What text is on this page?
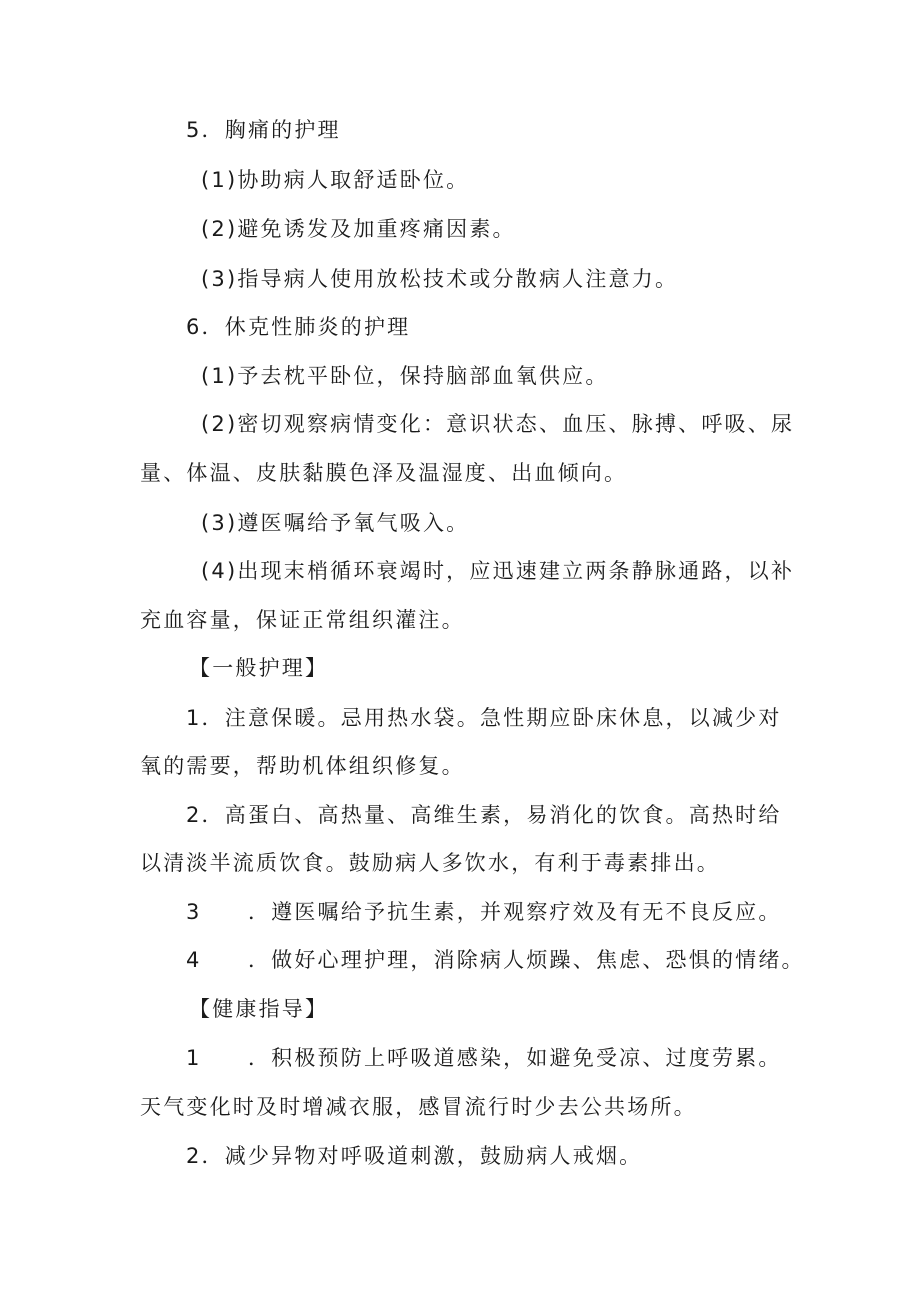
5．胸痛的护理
(1)协助病人取舒适卧位。
(2)避免诱发及加重疼痛因素。
(3)指导病人使用放松技术或分散病人注意力。
6．休克性肺炎的护理
(1)予去枕平卧位，保持脑部血氧供应。
(2)密切观察病情变化：意识状态、血压、脉搏、呼吸、尿
量、体温、皮肤黏膜色泽及温湿度、出血倾向。
(3)遵医嘱给予氧气吸入。
(4)出现末梢循环衰竭时，应迅速建立两条静脉通路，以补
充血容量，保证正常组织灌注。
【一般护理】
1．注意保暖。忌用热水袋。急性期应卧床休息，以减少对
氧的需要，帮助机体组织修复。
2．高蛋白、高热量、高维生素，易消化的饮食。高热时给
以清淡半流质饮食。鼓励病人多饮水，有利于毒素排出。
3　　．遵医嘱给予抗生素，并观察疗效及有无不良反应。
4　　．做好心理护理，消除病人烦躁、焦虑、恐惧的情绪。
【健康指导】
1　　．积极预防上呼吸道感染，如避免受凉、过度劳累。
天气变化时及时增减衣服，感冒流行时少去公共场所。
2．减少异物对呼吸道刺激，鼓励病人戒烟。
